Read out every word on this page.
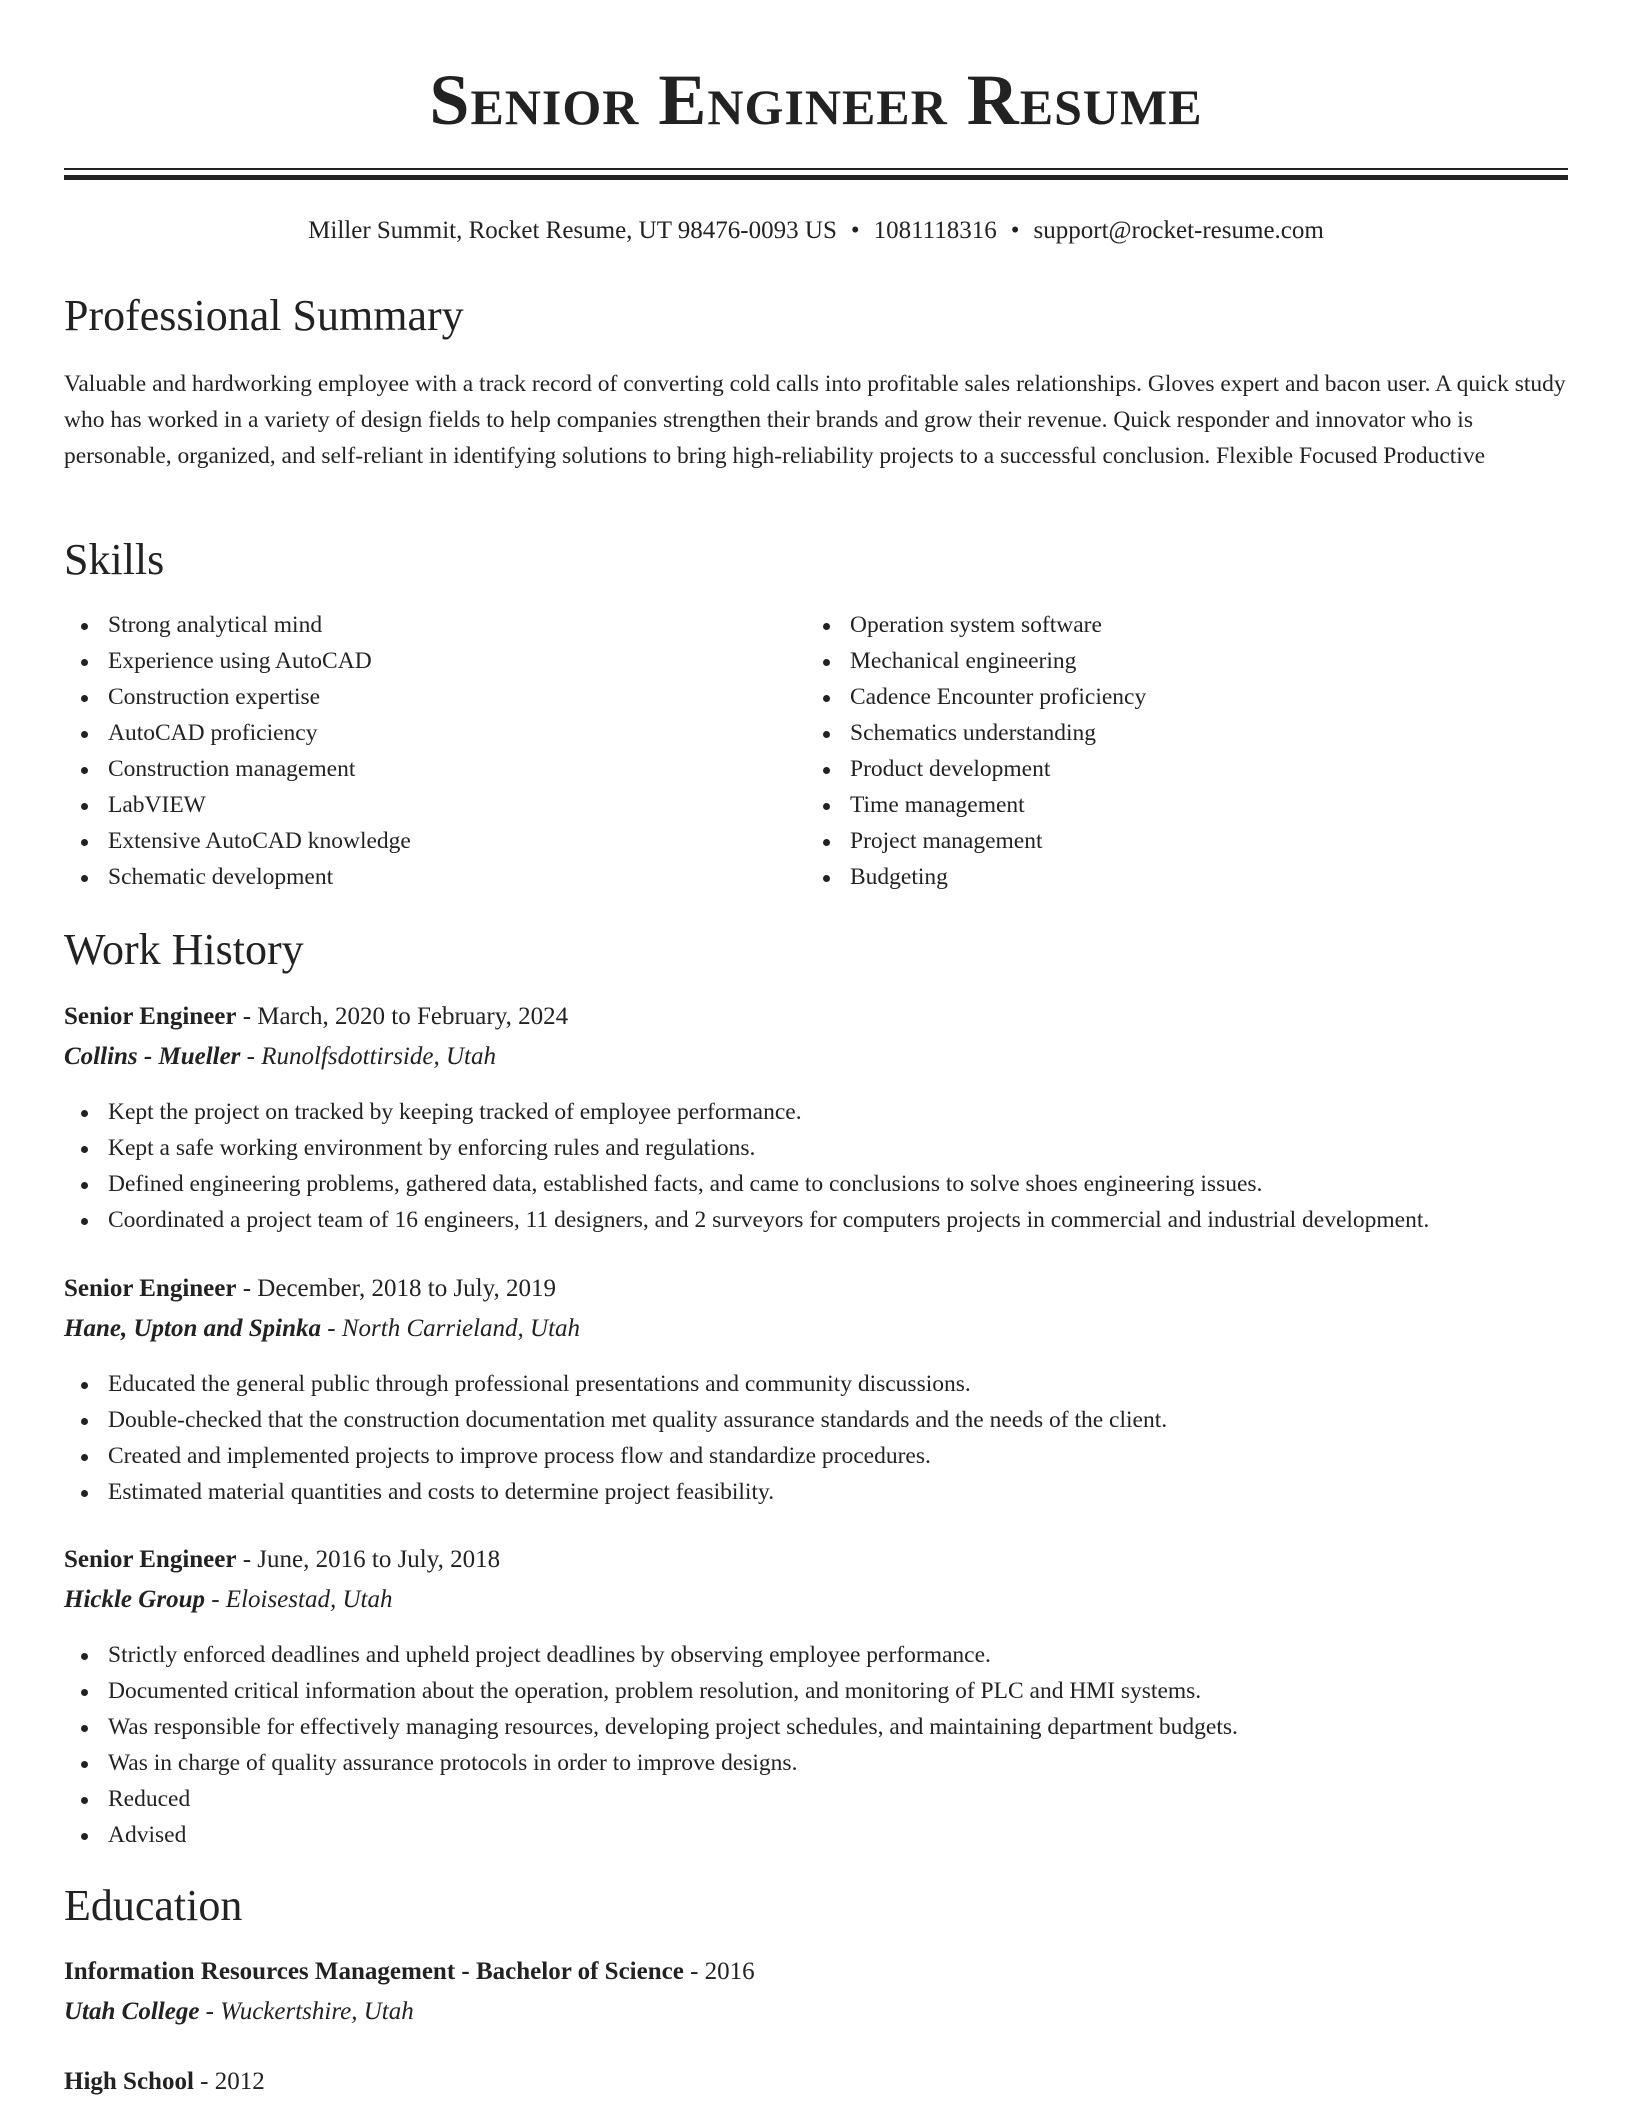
Senior Engineer Resume
Miller Summit, Rocket Resume, UT 98476-0093 US • 1081118316 • support@rocket-resume.com
Professional Summary

Valuable and hardworking employee with a track record of converting cold calls into profitable sales relationships. Gloves expert and bacon user. A quick study who has worked in a variety of design fields to help companies strengthen their brands and grow their revenue. Quick responder and innovator who is personable, organized, and self-reliant in identifying solutions to bring high-reliability projects to a successful conclusion. Flexible Focused Productive

Skills
Strong analytical mind
Experience using AutoCAD
Construction expertise
AutoCAD proficiency
Construction management
LabVIEW
Extensive AutoCAD knowledge
Schematic development
Operation system software
Mechanical engineering
Cadence Encounter proficiency
Schematics understanding
Product development
Time management
Project management
Budgeting
Work History
Senior Engineer - March, 2020 to February, 2024
Collins - Mueller - Runolfsdottirside, Utah
Kept the project on tracked by keeping tracked of employee performance.
Kept a safe working environment by enforcing rules and regulations.
Defined engineering problems, gathered data, established facts, and came to conclusions to solve shoes engineering issues.
Coordinated a project team of 16 engineers, 11 designers, and 2 surveyors for computers projects in commercial and industrial development.
Senior Engineer - December, 2018 to July, 2019
Hane, Upton and Spinka - North Carrieland, Utah
Educated the general public through professional presentations and community discussions.
Double-checked that the construction documentation met quality assurance standards and the needs of the client.
Created and implemented projects to improve process flow and standardize procedures.
Estimated material quantities and costs to determine project feasibility.
Senior Engineer - June, 2016 to July, 2018
Hickle Group - Eloisestad, Utah
Strictly enforced deadlines and upheld project deadlines by observing employee performance.
Documented critical information about the operation, problem resolution, and monitoring of PLC and HMI systems.
Was responsible for effectively managing resources, developing project schedules, and maintaining department budgets.
Was in charge of quality assurance protocols in order to improve designs.
Reduced
Advised
Education
Information Resources Management - Bachelor of Science - 2016
Utah College - Wuckertshire, Utah
High School - 2012
